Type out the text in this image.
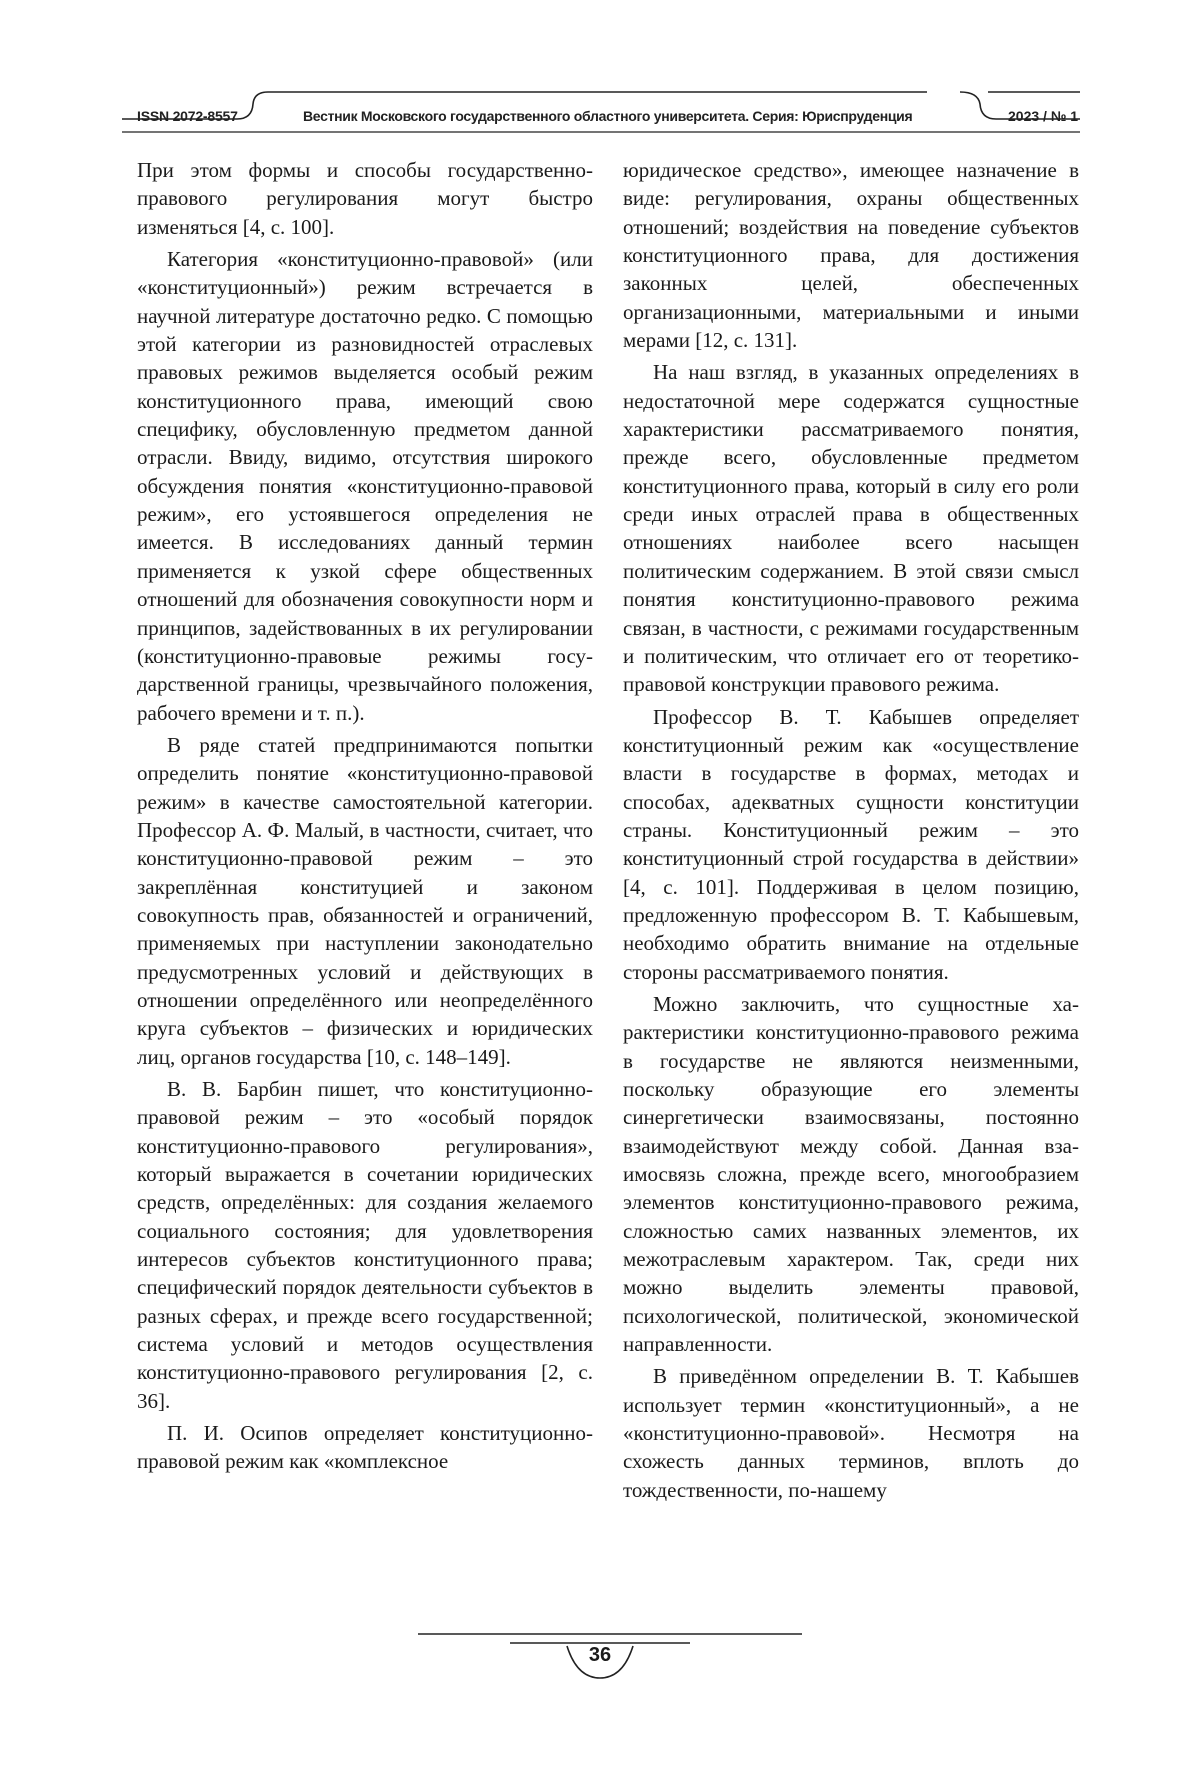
ISSN 2072-8557	Вестник Московского государственного областного университета. Серия: Юриспруденция	2023 / № 1

При этом формы и способы государственно-правового регулирования могут быстро изменяться [4, с. 100].

Категория «конституционно-правовой» (или «конституционный») режим встречается в научной литературе достаточно редко. С помощью этой категории из разновидностей отраслевых правовых режимов выделяется особый режим конституционного права, имеющий свою специфику, обусловленную предметом данной отрасли. Ввиду, видимо, отсутствия широкого обсуждения понятия «конституционно-правовой режим», его устоявшегося определения не имеется. В исследованиях данный термин применяется к узкой сфере общественных отношений для обозначения совокупности норм и принципов, задействованных в их регулировании (конституционно-правовые режимы государственной границы, чрезвычайного положения, рабочего времени и т. п.).

В ряде статей предпринимаются попытки определить понятие «конституционно-правовой режим» в качестве самостоятельной категории. Профессор А. Ф. Малый, в частности, считает, что конституционно-правовой режим – это закреплённая конституцией и законом совокупность прав, обязанностей и ограничений, применяемых при наступлении законодательно предусмотренных условий и действующих в отношении определённого или неопределённого круга субъектов – физических и юридических лиц, органов государства [10, с. 148–149].

В. В. Барбин пишет, что конституционно-правовой режим – это «особый порядок конституционно-правового регулирования», который выражается в сочетании юридических средств, определённых: для создания желаемого социального состояния; для удовлетворения интересов субъектов конституционного права; специфический порядок деятельности субъектов в разных сферах, и прежде всего государственной; система условий и методов осуществления конституционно-правового регулирования [2, с. 36].

П. И. Осипов определяет конституционно-правовой режим как «комплексное

юридическое средство», имеющее назначение в виде: регулирования, охраны общественных отношений; воздействия на поведение субъектов конституционного права, для достижения законных целей, обеспеченных организационными, материальными и иными мерами [12, с. 131].

На наш взгляд, в указанных определениях в недостаточной мере содержатся сущностные характеристики рассматриваемого понятия, прежде всего, обусловленные предметом конституционного права, который в силу его роли среди иных отраслей права в общественных отношениях наиболее всего насыщен политическим содержанием. В этой связи смысл понятия конституционно-правового режима связан, в частности, с режимами государственным и политическим, что отличает его от теоретико-правовой конструкции правового режима.

Профессор В. Т. Кабышев определяет конституционный режим как «осуществление власти в государстве в формах, методах и способах, адекватных сущности конституции страны. Конституционный режим – это конституционный строй государства в действии» [4, с. 101]. Поддерживая в целом позицию, предложенную профессором В. Т. Кабышевым, необходимо обратить внимание на отдельные стороны рассматриваемого понятия.

Можно заключить, что сущностные характеристики конституционно-правового режима в государстве не являются неизменными, поскольку образующие его элементы синергетически взаимосвязаны, постоянно взаимодействуют между собой. Данная взаимосвязь сложна, прежде всего, многообразием элементов конституционно-правового режима, сложностью самих названных элементов, их межотраслевым характером. Так, среди них можно выделить элементы правовой, психологической, политической, экономической направленности.

В приведённом определении В. Т. Кабышев использует термин «конституционный», а не «конституционно-правовой». Несмотря на схожесть данных терминов, вплоть до тождественности, по-нашему

36
